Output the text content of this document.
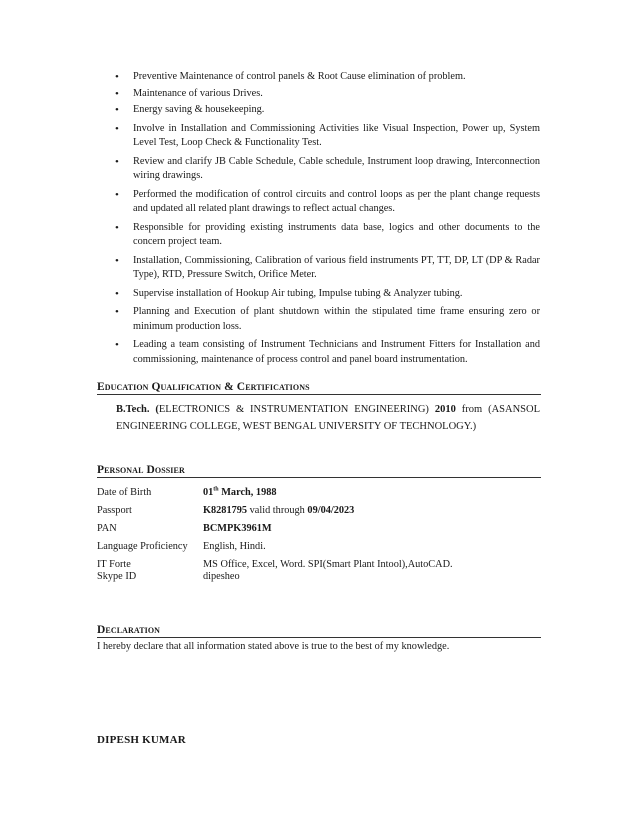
• Preventive Maintenance of control panels & Root Cause elimination of problem.
• Maintenance of various Drives.
• Energy saving & housekeeping.
• Involve in Installation and Commissioning Activities like Visual Inspection, Power up, System Level Test, Loop Check & Functionality Test.
• Review and clarify JB Cable Schedule, Cable schedule, Instrument loop drawing, Interconnection wiring drawings.
• Performed the modification of control circuits and control loops as per the plant change requests and updated all related plant drawings to reflect actual changes.
• Responsible for providing existing instruments data base, logics and other documents to the concern project team.
• Installation, Commissioning, Calibration of various field instruments PT, TT, DP, LT (DP & Radar Type), RTD, Pressure Switch, Orifice Meter.
• Supervise installation of Hookup Air tubing, Impulse tubing & Analyzer tubing.
• Planning and Execution of plant shutdown within the stipulated time frame ensuring zero or minimum production loss.
• Leading a team consisting of Instrument Technicians and Instrument Fitters for Installation and commissioning, maintenance of process control and panel board instrumentation.
Education Qualification & Certifications
B.Tech. (ELECTRONICS & INSTRUMENTATION ENGINEERING) 2010 from (ASANSOL ENGINEERING COLLEGE, WEST BENGAL UNIVERSITY OF TECHNOLOGY.)
Personal Dossier
Date of Birth	01th March, 1988
Passport	K8281795 valid through 09/04/2023
PAN	BCMPK3961M
Language Proficiency	English, Hindi.
IT Forte	MS Office, Excel, Word. SPI(Smart Plant Intool),AutoCAD.
Skype ID	dipesheo
Declaration
I hereby declare that all information stated above is true to the best of my knowledge.
DIPESH KUMAR
